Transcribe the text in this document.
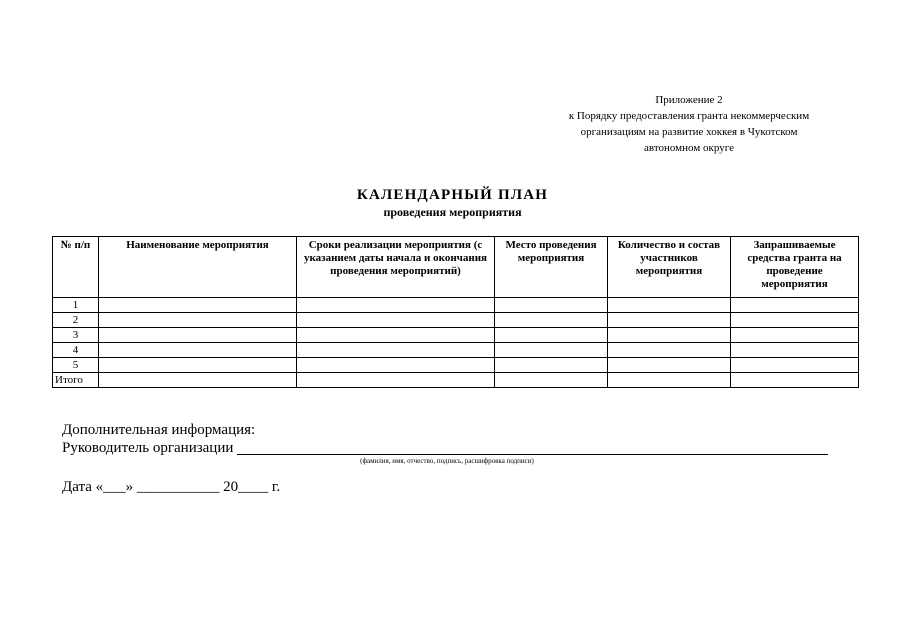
Приложение 2
к Порядку предоставления гранта некоммерческим
организациям на развитие хоккея в Чукотском
автономном округе
КАЛЕНДАРНЫЙ ПЛАН
проведения мероприятия
№ п/п	Наименование мероприятия	Сроки реализации мероприятия (с указанием даты начала и окончания проведения мероприятий)	Место проведения мероприятия	Количество и состав участников мероприятия	Запрашиваемые средства гранта на проведение мероприятия
1					
2					
3					
4					
5					
Итого					
Дополнительная информация:
Руководитель организации
(фамилия, имя, отчество, подпись, расшифровка подписи)
Дата «___» ___________ 20____ г.
